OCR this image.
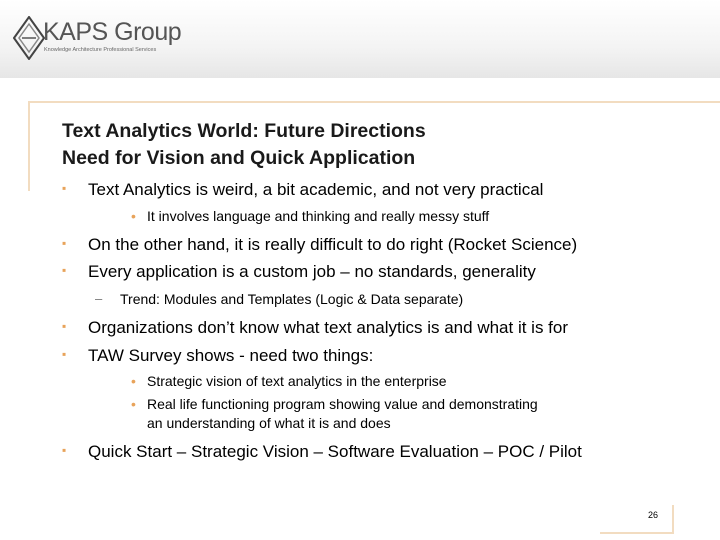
KAPS Group
Knowledge Architecture Professional Services
Text Analytics World: Future Directions
Need for Vision and Quick Application
▪ Text Analytics is weird, a bit academic, and not very practical
• It involves language and thinking and really messy stuff
▪ On the other hand, it is really difficult to do right (Rocket Science)
▪ Every application is a custom job – no standards, generality
– Trend: Modules and Templates (Logic & Data separate)
▪ Organizations don’t know what text analytics is and what it is for
▪ TAW Survey shows - need two things:
• Strategic vision of text analytics in the enterprise
• Real life functioning program showing value and demonstrating
an understanding of what it is and does
▪ Quick Start – Strategic Vision – Software Evaluation – POC / Pilot
26
